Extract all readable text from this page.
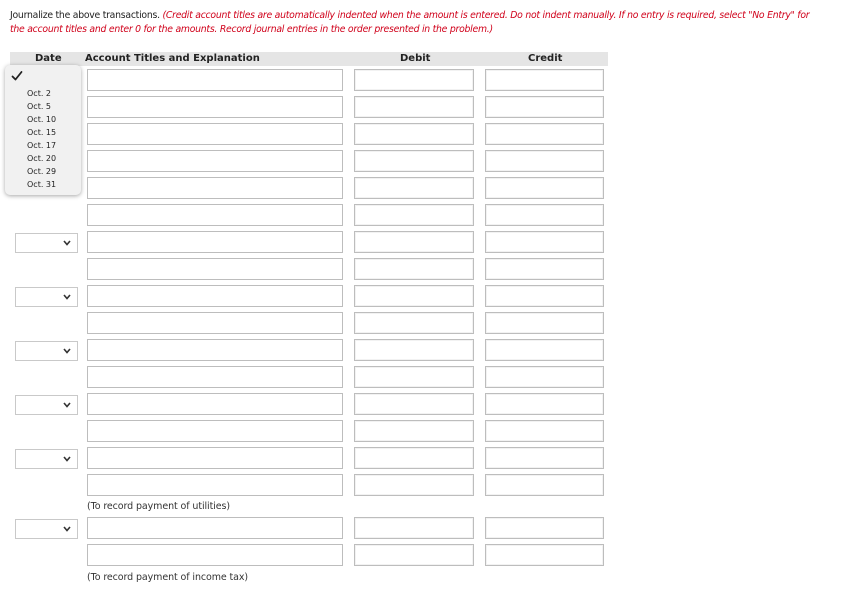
Journalize the above transactions. (Credit account titles are automatically indented when the amount is entered. Do not indent manually. If no entry is required, select "No Entry" for the account titles and enter 0 for the amounts. Record journal entries in the order presented in the problem.)
Date Account Titles and Explanation	Debit	Credit
(To record payment of utilities)
(To record payment of income tax)
Oct. 2
Oct. 5
Oct. 10
Oct. 15
Oct. 17
Oct. 20
Oct. 29
Oct. 31
